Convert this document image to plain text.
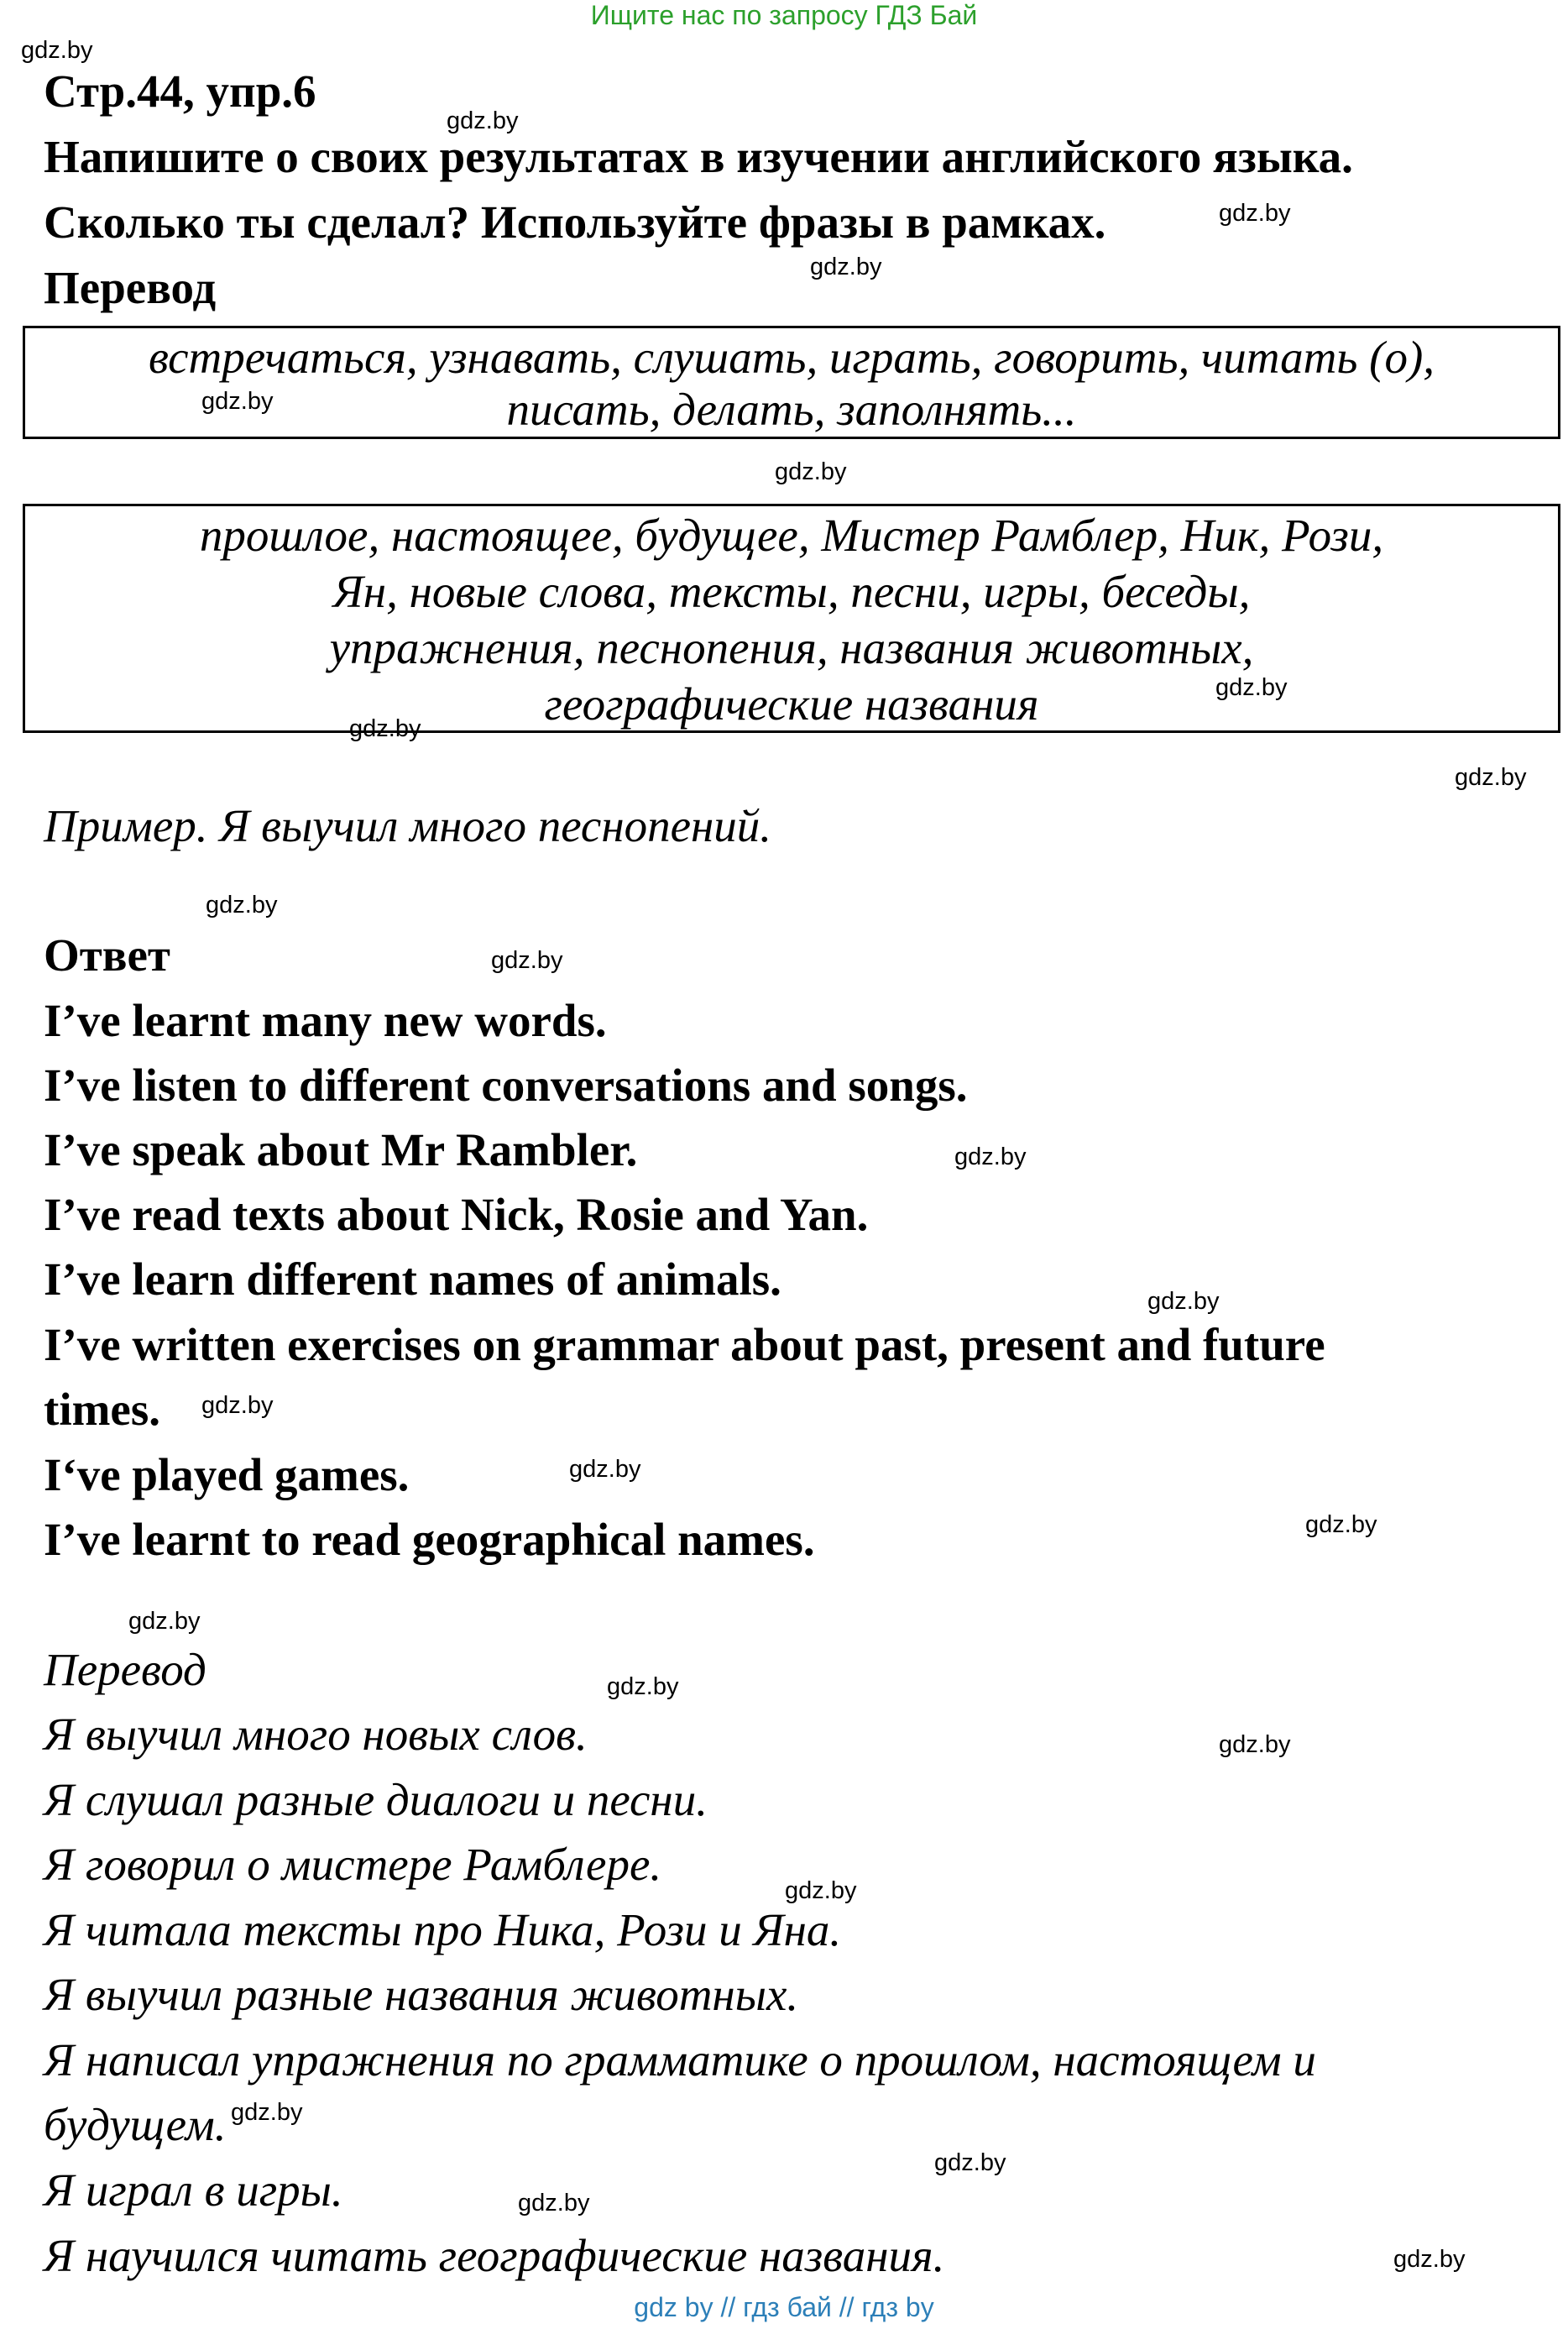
Ищите нас по запросу ГДЗ Бай
Стр.44, упр.6
Напишите о своих результатах в изучении английского языка.
Сколько ты сделал? Используйте фразы в рамках.
Перевод
встречаться, узнавать, слушать, играть, говорить, читать (о),
писать, делать, заполнять...
прошлое, настоящее, будущее, Мистер Рамблер, Ник, Рози,
Ян, новые слова, тексты, песни, игры, беседы,
упражнения, песнопения, названия животных,
географические названия
Пример. Я выучил много песнопений.
Ответ
I’ve learnt many new words.
I’ve listen to different conversations and songs.
I’ve speak about Mr Rambler.
I’ve read texts about Nick, Rosie and Yan.
I’ve learn different names of animals.
I’ve written exercises on grammar about past, present and future
times.
I‘ve played games.
I’ve learnt to read geographical names.
Перевод
Я выучил много новых слов.
Я слушал разные диалоги и песни.
Я говорил о мистере Рамблере.
Я читала тексты про Ника, Рози и Яна.
Я выучил разные названия животных.
Я написал упражнения по грамматике о прошлом, настоящем и
будущем.
Я играл в игры.
Я научился читать географические названия.
gdz.by
gdz.by
gdz.by
gdz.by
gdz.by
gdz.by
gdz.by
gdz.by
gdz.by
gdz.by
gdz.by
gdz.by
gdz.by
gdz.by
gdz.by
gdz.by
gdz.by
gdz.by
gdz.by
gdz.by
gdz.by
gdz.by
gdz.by
gdz.by
gdz by // гдз бай // гдз by
